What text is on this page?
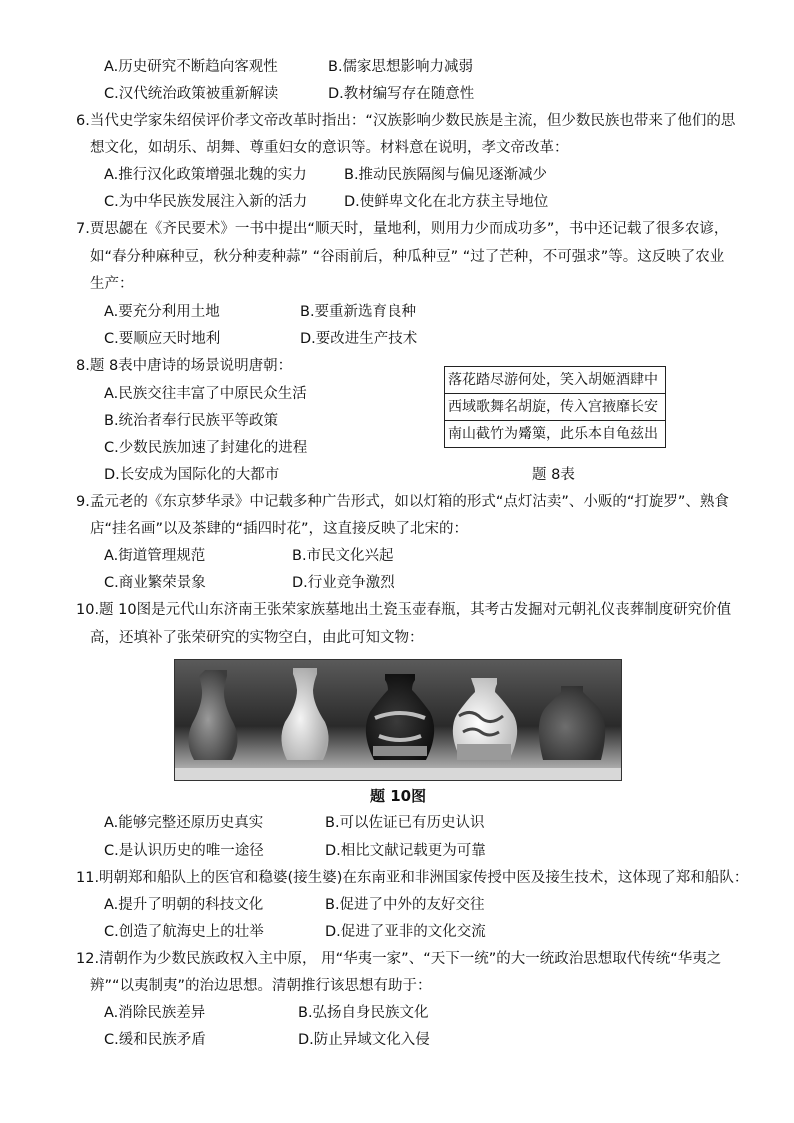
A.历史研究不断趋向客观性	B.儒家思想影响力减弱
C.汉代统治政策被重新解读	D.教材编写存在随意性
6.当代史学家朱绍侯评价孝文帝改革时指出：“汉族影响少数民族是主流，但少数民族也带来了他们的思
想文化，如胡乐、胡舞、尊重妇女的意识等。材料意在说明，孝文帝改革：
A.推行汉化政策增强北魏的实力	B.推动民族隔阂与偏见逐渐减少
C.为中华民族发展注入新的活力	D.使鲜卑文化在北方获主导地位
7.贾思勰在《齐民要术》一书中提出“顺天时，量地利，则用力少而成功多”，书中还记载了很多农谚，
如“春分种麻种豆，秋分种麦种蒜” “谷雨前后，种瓜种豆” “过了芒种，不可强求”等。这反映了农业
生产：
A.要充分利用土地	B.要重新选育良种
C.要顺应天时地利	D.要改进生产技术
8.题 8表中唐诗的场景说明唐朝：
A.民族交往丰富了中原民众生活
B.统治者奉行民族平等政策
C.少数民族加速了封建化的进程
D.长安成为国际化的大都市
落花踏尽游何处，笑入胡姬酒肆中
西域歌舞名胡旋，传入宫掖靡长安
南山截竹为觱篥，此乐本自龟兹出
题 8表
9.孟元老的《东京梦华录》中记载多种广告形式，如以灯箱的形式“点灯沽卖”、小贩的“打旋罗”、熟食
店“挂名画”以及茶肆的“插四时花”，这直接反映了北宋的：
A.街道管理规范	B.市民文化兴起
C.商业繁荣景象	D.行业竞争激烈
10.题 10图是元代山东济南王张荣家族墓地出土瓷玉壶春瓶，其考古发掘对元朝礼仪丧葬制度研究价值
高，还填补了张荣研究的实物空白，由此可知文物：
题 10图
A.能够完整还原历史真实	B.可以佐证已有历史认识
C.是认识历史的唯一途径	D.相比文献记载更为可靠
11.明朝郑和船队上的医官和稳婆(接生婆)在东南亚和非洲国家传授中医及接生技术，这体现了郑和船队：
A.提升了明朝的科技文化	B.促进了中外的友好交往
C.创造了航海史上的壮举	D.促进了亚非的文化交流
12.清朝作为少数民族政权入主中原， 用“华夷一家”、“天下一统”的大一统政治思想取代传统“华夷之
辨”“以夷制夷”的治边思想。清朝推行该思想有助于：
A.消除民族差异	B.弘扬自身民族文化
C.缓和民族矛盾	D.防止异域文化入侵
